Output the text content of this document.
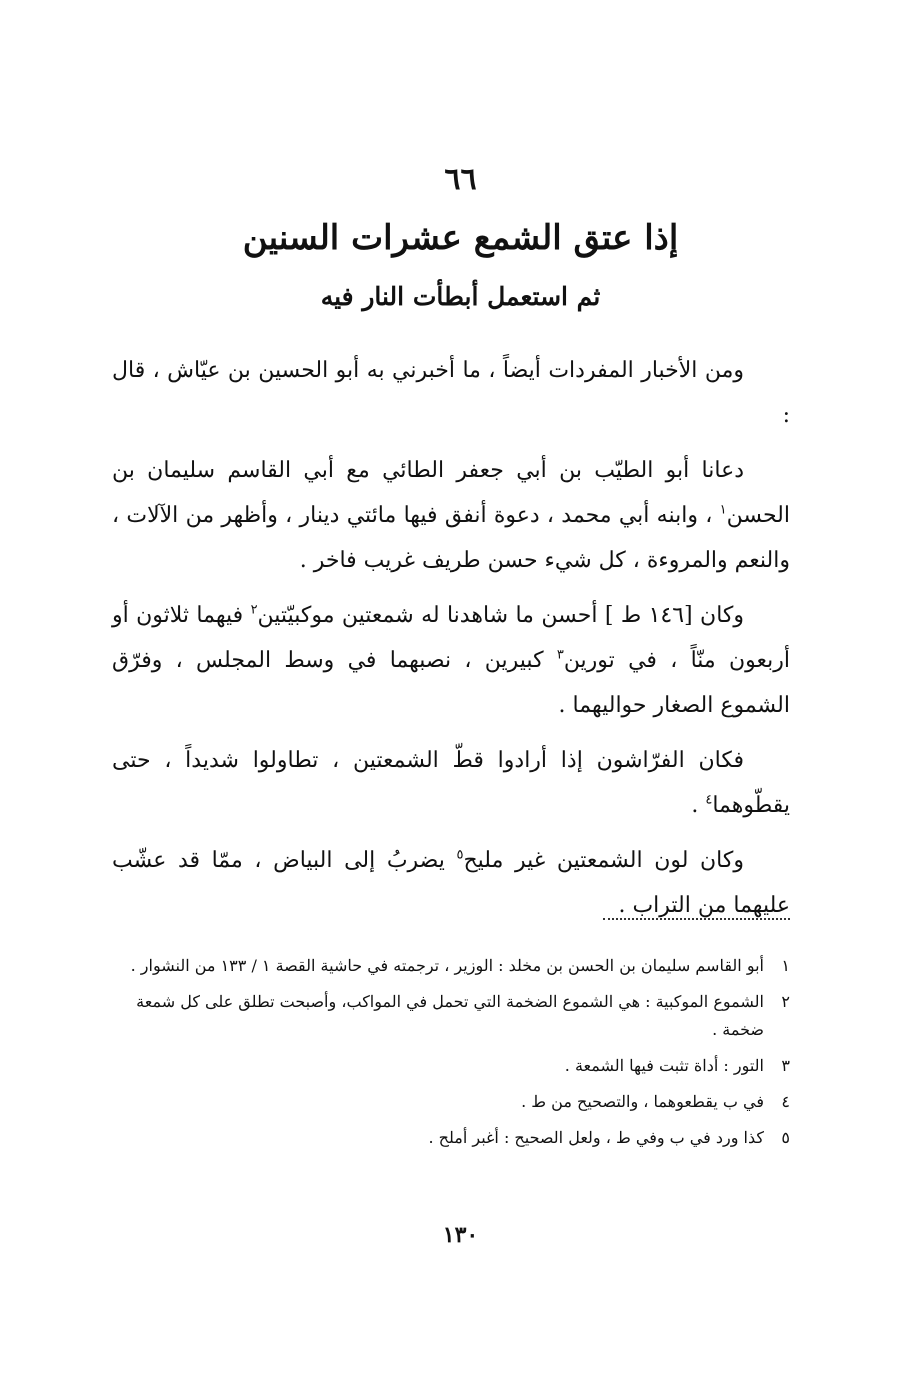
٦٦
إذا عتق الشمع عشرات السنين
ثم استعمل أبطأت النار فيه

ومن الأخبار المفردات أيضاً ، ما أخبرني به أبو الحسين بن عيّاش ، قال :

دعانا أبو الطيّب بن أبي جعفر الطائي مع أبي القاسم سليمان بن الحسن$^١$ ، وابنه أبي محمد ، دعوة أنفق فيها مائتي دينار ، وأظهر من الآلات ، والنعم والمروءة ، كل شيء حسن طريف غريب فاخر .

وكان [١٤٦ ط ] أحسن ما شاهدنا له شمعتين موكبيّتين$^٢$ فيهما ثلاثون أو أربعون منّاً ، في تورين$^٣$ كبيرين ، نصبهما في وسط المجلس ، وفرّق الشموع الصغار حواليهما .

فكان الفرّاشون إذا أرادوا قطّ الشمعتين ، تطاولوا شديداً ، حتى يقطّوهما$^٤$ .

وكان لون الشمعتين غير مليح$^٥$ يضربُ إلى البياض ، ممّا قد عشّب عليهما من التراب .

١
أبو القاسم سليمان بن الحسن بن مخلد : الوزير ، ترجمته في حاشية القصة ١ / ١٣٣ من النشوار .
٢
الشموع الموكبية : هي الشموع الضخمة التي تحمل في المواكب، وأصبحت تطلق على كل شمعة ضخمة .
٣
التور : أداة تثبت فيها الشمعة .
٤
في ب يقطعوهما ، والتصحيح من ط .
٥
كذا ورد في ب وفي ط ، ولعل الصحيح : أغبر أملح .
١٣٠
